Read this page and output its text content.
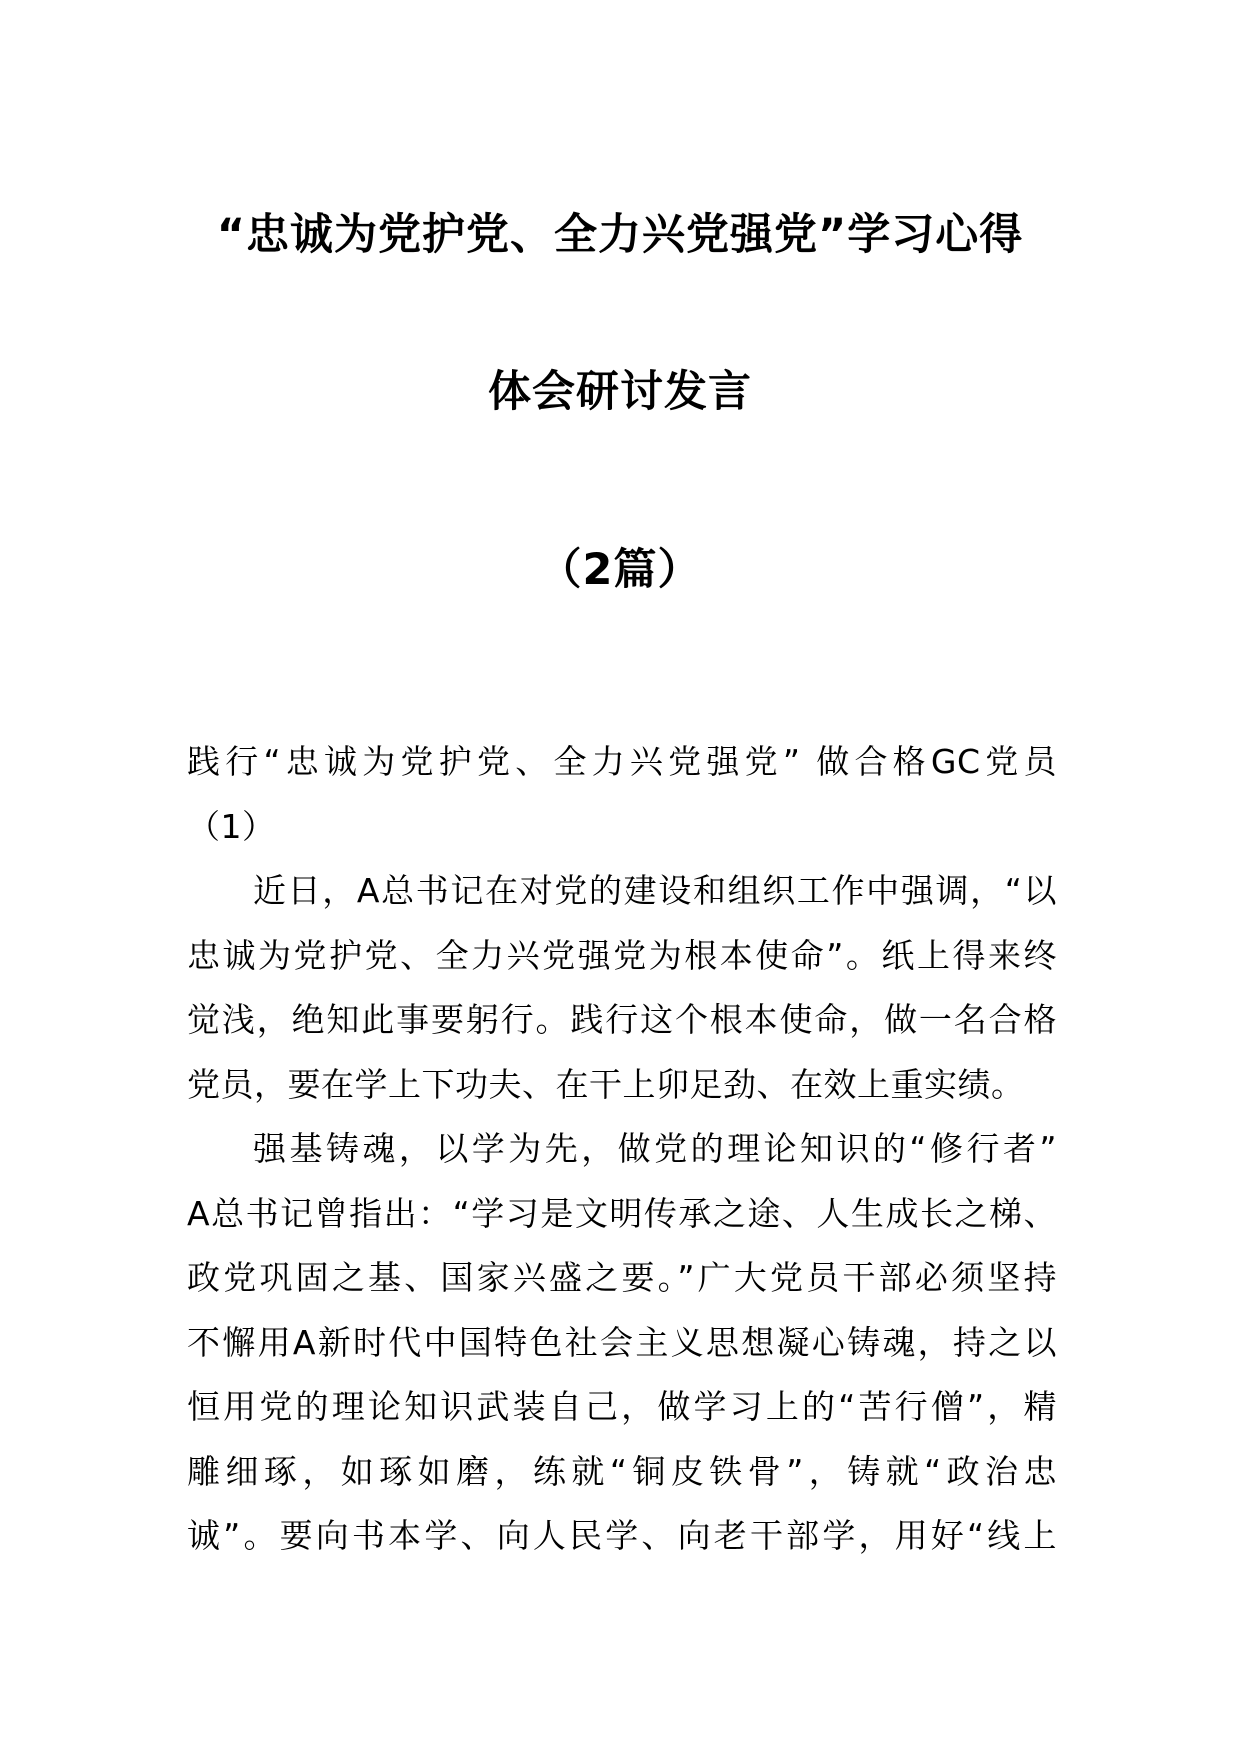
“忠诚为党护党、全力兴党强党”学习心得
体会研讨发言
（2篇）
践行“忠诚为党护党、全力兴党强党” 做合格GC党员
（1）
近日，A总书记在对党的建设和组织工作中强调，“以
忠诚为党护党、全力兴党强党为根本使命”。纸上得来终
觉浅，绝知此事要躬行。践行这个根本使命，做一名合格
党员，要在学上下功夫、在干上卯足劲、在效上重实绩。
强基铸魂，以学为先，做党的理论知识的“修行者”
A总书记曾指出：“学习是文明传承之途、人生成长之梯、
政党巩固之基、国家兴盛之要。”广大党员干部必须坚持
不懈用A新时代中国特色社会主义思想凝心铸魂，持之以
恒用党的理论知识武装自己，做学习上的“苦行僧”，精
雕细琢，如琢如磨，练就“铜皮铁骨”，铸就“政治忠
诚”。要向书本学、向人民学、向老干部学，用好“线上
